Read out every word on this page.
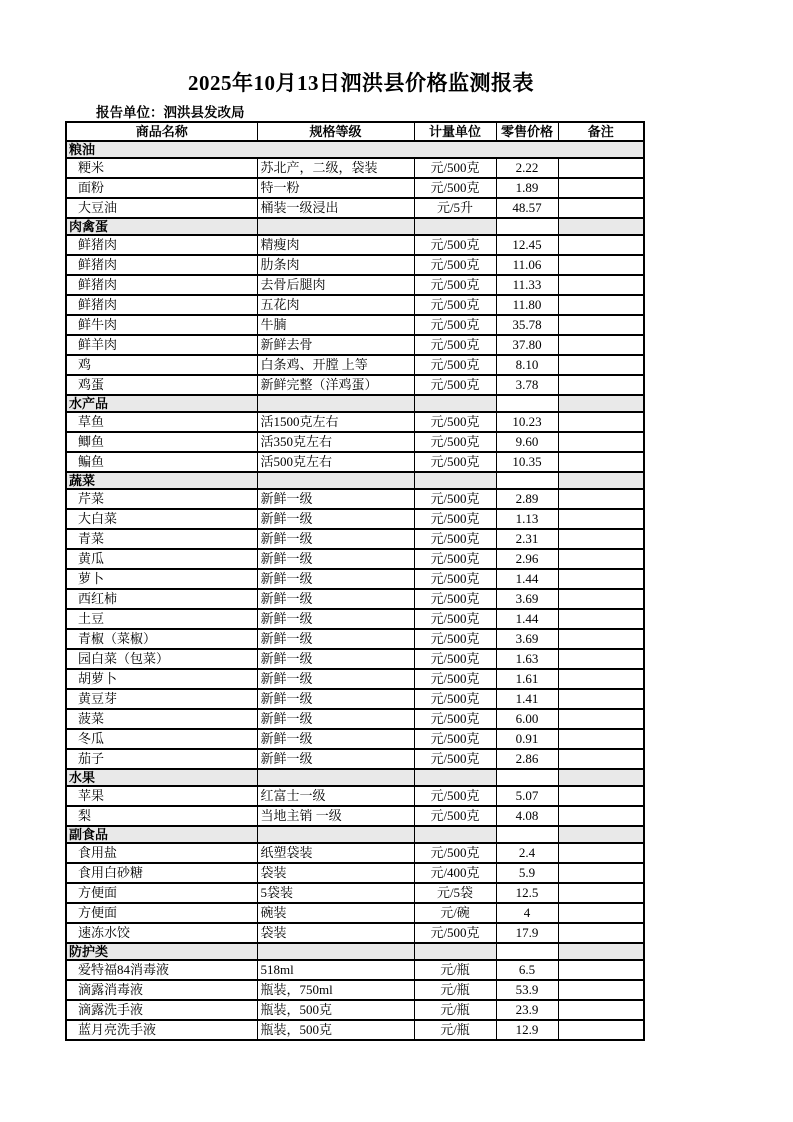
2025年10月13日泗洪县价格监测报表
报告单位：泗洪县发改局
商品名称	规格等级	计量单位	零售价格	备注
粮油				
粳米	苏北产，二级，袋装	元/500克	2.22	
面粉	特一粉	元/500克	1.89	
大豆油	桶装一级浸出	元/5升	48.57	
肉禽蛋				
鲜猪肉	精瘦肉	元/500克	12.45	
鲜猪肉	肋条肉	元/500克	11.06	
鲜猪肉	去骨后腿肉	元/500克	11.33	
鲜猪肉	五花肉	元/500克	11.80	
鲜牛肉	牛腩	元/500克	35.78	
鲜羊肉	新鲜去骨	元/500克	37.80	
鸡	白条鸡、开膛 上等	元/500克	8.10	
鸡蛋	新鲜完整（洋鸡蛋）	元/500克	3.78	
水产品				
草鱼	活1500克左右	元/500克	10.23	
鲫鱼	活350克左右	元/500克	9.60	
鳊鱼	活500克左右	元/500克	10.35	
蔬菜				
芹菜	新鲜一级	元/500克	2.89	
大白菜	新鲜一级	元/500克	1.13	
青菜	新鲜一级	元/500克	2.31	
黄瓜	新鲜一级	元/500克	2.96	
萝卜	新鲜一级	元/500克	1.44	
西红柿	新鲜一级	元/500克	3.69	
土豆	新鲜一级	元/500克	1.44	
青椒（菜椒）	新鲜一级	元/500克	3.69	
园白菜（包菜）	新鲜一级	元/500克	1.63	
胡萝卜	新鲜一级	元/500克	1.61	
黄豆芽	新鲜一级	元/500克	1.41	
菠菜	新鲜一级	元/500克	6.00	
冬瓜	新鲜一级	元/500克	0.91	
茄子	新鲜一级	元/500克	2.86	
水果				
苹果	红富士一级	元/500克	5.07	
梨	当地主销 一级	元/500克	4.08	
副食品				
食用盐	纸塑袋装	元/500克	2.4	
食用白砂糖	袋装	元/400克	5.9	
方便面	5袋装	元/5袋	12.5	
方便面	碗装	元/碗	4	
速冻水饺	袋装	元/500克	17.9	
防护类				
爱特福84消毒液	518ml	元/瓶	6.5	
滴露消毒液	瓶装，750ml	元/瓶	53.9	
滴露洗手液	瓶装，500克	元/瓶	23.9	
蓝月亮洗手液	瓶装，500克	元/瓶	12.9	
